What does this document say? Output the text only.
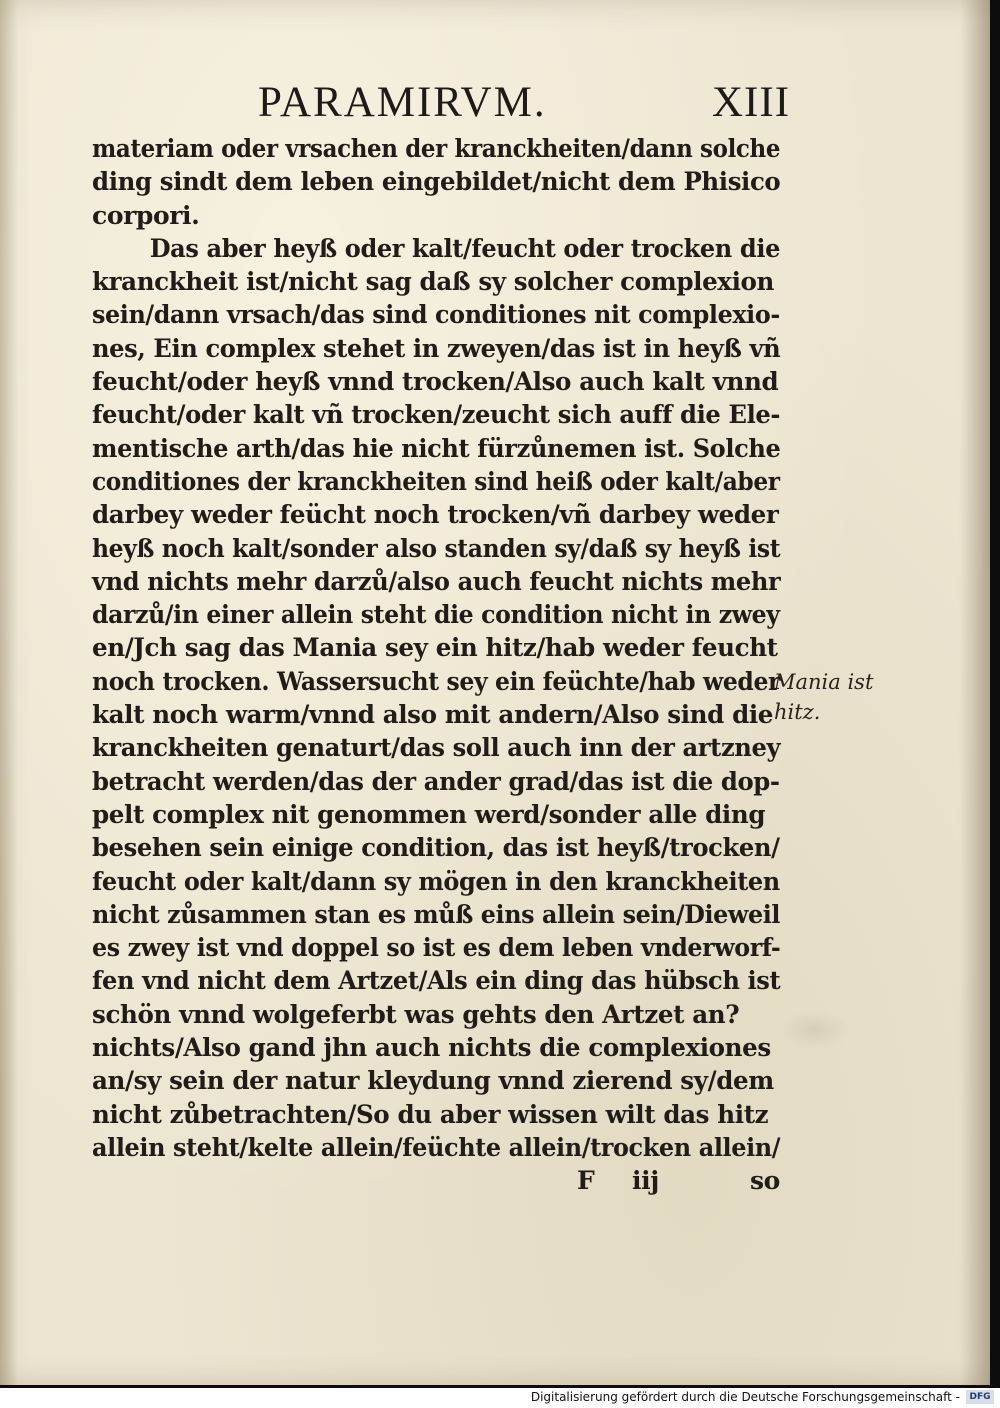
PARAMIRVM.	XIII
materiam oder vrsachen der kranckheiten/dann solche
ding sindt dem leben eingebildet/nicht dem Phisico
corpori.
Das aber heyß oder kalt/feucht oder trocken die
kranckheit ist/nicht sag daß sy solcher complexion
sein/dann vrsach/das sind conditiones nit complexio-
nes, Ein complex stehet in zweyen/das ist in heyß vñ
feucht/oder heyß vnnd trocken/Also auch kalt vnnd
feucht/oder kalt vñ trocken/zeucht sich auff die Ele-
mentische arth/das hie nicht fürzůnemen ist. Solche
conditiones der kranckheiten sind heiß oder kalt/aber
darbey weder feücht noch trocken/vñ darbey weder
heyß noch kalt/sonder also standen sy/daß sy heyß ist
vnd nichts mehr darzů/also auch feucht nichts mehr
darzů/in einer allein steht die condition nicht in zwey
en/Jch sag das Mania sey ein hitz/hab weder feucht
noch trocken. Wassersucht sey ein feüchte/hab weder
kalt noch warm/vnnd also mit andern/Also sind die
kranckheiten genaturt/das soll auch inn der artzney
betracht werden/das der ander grad/das ist die dop-
pelt complex nit genommen werd/sonder alle ding
besehen sein einige condition, das ist heyß/trocken/
feucht oder kalt/dann sy mögen in den kranckheiten
nicht zůsammen stan es můß eins allein sein/Dieweil
es zwey ist vnd doppel so ist es dem leben vnderworf-
fen vnd nicht dem Artzet/Als ein ding das hübsch ist
schön vnnd wolgeferbt was gehts den Artzet an?
nichts/Also gand jhn auch nichts die complexiones
an/sy sein der natur kleydung vnnd zierend sy/dem
nicht zůbetrachten/So du aber wissen wilt das hitz
allein steht/kelte allein/feüchte allein/trocken allein/
F iij	so
Mania ist
hitz.
Digitalisierung gefördert durch die Deutsche Forschungsgemeinschaft -	DFG
